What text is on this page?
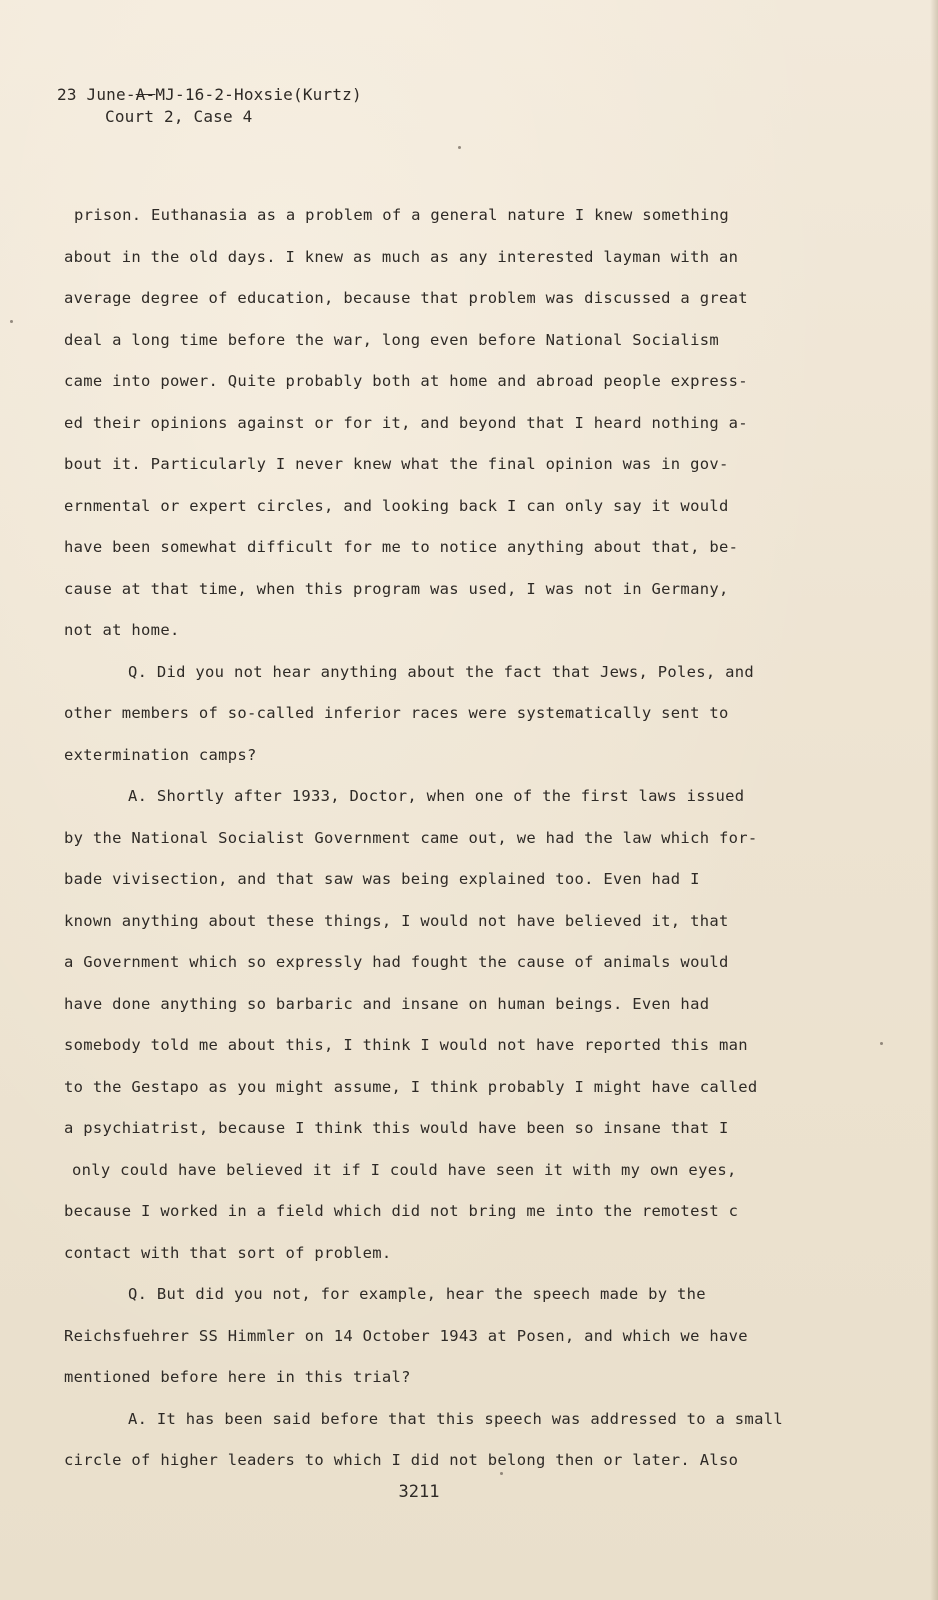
23 June-A-MJ-16-2-Hoxsie(Kurtz)
Court 2, Case 4
prison. Euthanasia as a problem of a general nature I knew something
about in the old days. I knew as much as any interested layman with an
average degree of education, because that problem was discussed a great
deal a long time before the war, long even before National Socialism
came into power. Quite probably both at home and abroad people express-
ed their opinions against or for it, and beyond that I heard nothing a-
bout it. Particularly I never knew what the final opinion was in gov-
ernmental or expert circles, and looking back I can only say it would
have been somewhat difficult for me to notice anything about that, be-
cause at that time, when this program was used, I was not in Germany,
not at home.
Q. Did you not hear anything about the fact that Jews, Poles, and
other members of so-called inferior races were systematically sent to
extermination camps?
A. Shortly after 1933, Doctor, when one of the first laws issued
by the National Socialist Government came out, we had the law which for-
bade vivisection, and that saw was being explained too. Even had I
known anything about these things, I would not have believed it, that
a Government which so expressly had fought the cause of animals would
have done anything so barbaric and insane on human beings. Even had
somebody told me about this, I think I would not have reported this man
to the Gestapo as you might assume, I think probably I might have called
a psychiatrist, because I think this would have been so insane that I
only could have believed it if I could have seen it with my own eyes,
because I worked in a field which did not bring me into the remotest c
contact with that sort of problem.
Q. But did you not, for example, hear the speech made by the
Reichsfuehrer SS Himmler on 14 October 1943 at Posen, and which we have
mentioned before here in this trial?
A. It has been said before that this speech was addressed to a small
circle of higher leaders to which I did not belong then or later. Also
3211
